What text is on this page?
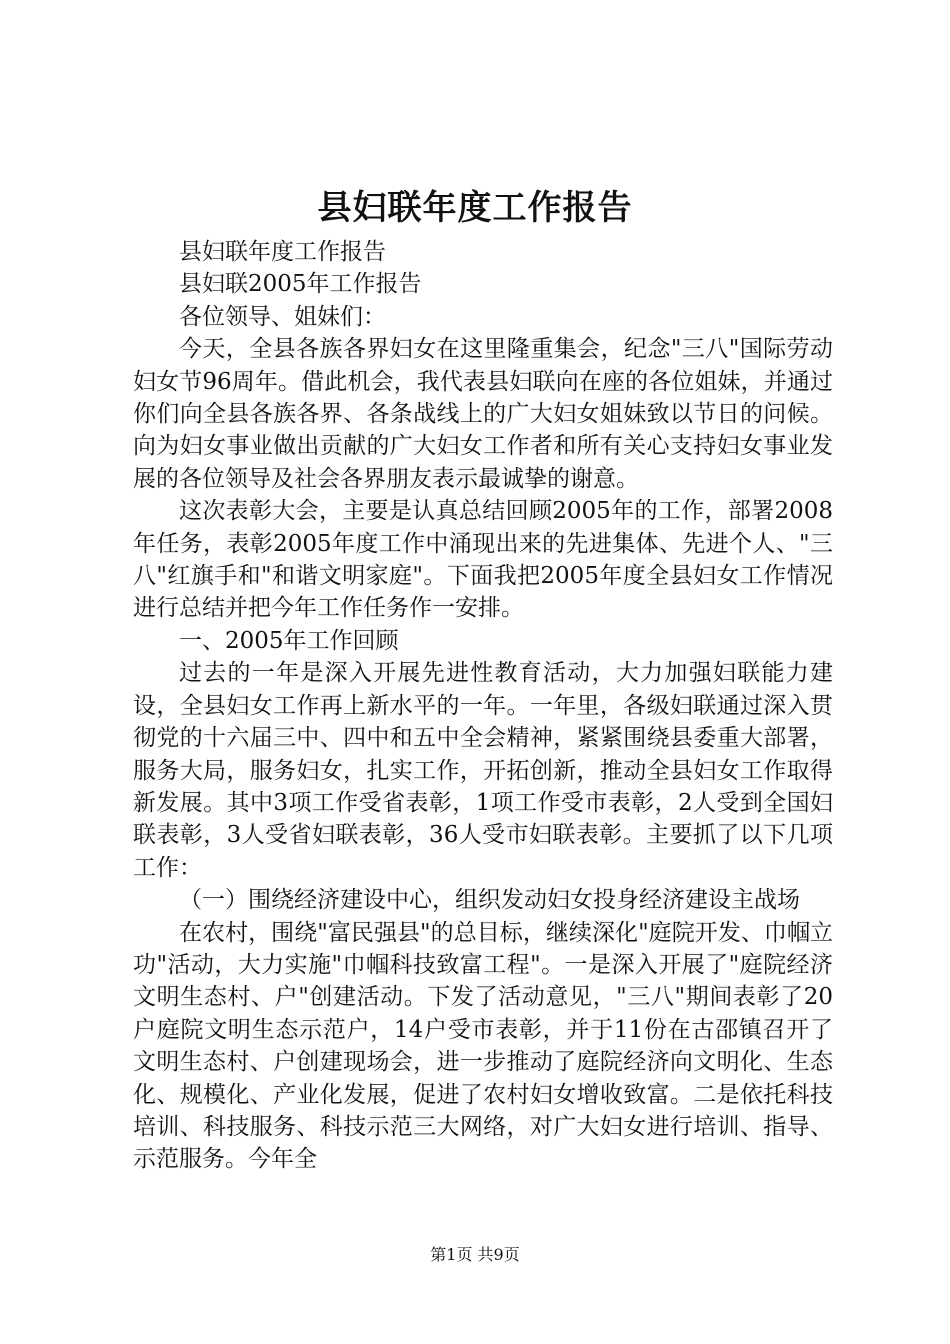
县妇联年度工作报告

县妇联年度工作报告

县妇联2005年工作报告

各位领导、姐妹们：

今天，全县各族各界妇女在这里隆重集会，纪念"三八"国际劳动妇女节96周年。借此机会，我代表县妇联向在座的各位姐妹，并通过你们向全县各族各界、各条战线上的广大妇女姐妹致以节日的问候。向为妇女事业做出贡献的广大妇女工作者和所有关心支持妇女事业发展的各位领导及社会各界朋友表示最诚挚的谢意。

这次表彰大会，主要是认真总结回顾2005年的工作，部署2008年任务，表彰2005年度工作中涌现出来的先进集体、先进个人、"三八"红旗手和"和谐文明家庭"。下面我把2005年度全县妇女工作情况进行总结并把今年工作任务作一安排。

一、2005年工作回顾

过去的一年是深入开展先进性教育活动，大力加强妇联能力建设，全县妇女工作再上新水平的一年。一年里，各级妇联通过深入贯彻党的十六届三中、四中和五中全会精神，紧紧围绕县委重大部署，服务大局，服务妇女，扎实工作，开拓创新，推动全县妇女工作取得新发展。其中3项工作受省表彰，1项工作受市表彰，2人受到全国妇联表彰，3人受省妇联表彰，36人受市妇联表彰。主要抓了以下几项工作：

（一）围绕经济建设中心，组织发动妇女投身经济建设主战场

在农村，围绕"富民强县"的总目标，继续深化"庭院开发、巾帼立功"活动，大力实施"巾帼科技致富工程"。一是深入开展了"庭院经济文明生态村、户"创建活动。下发了活动意见，"三八"期间表彰了20户庭院文明生态示范户，14户受市表彰，并于11份在古邵镇召开了文明生态村、户创建现场会，进一步推动了庭院经济向文明化、生态化、规模化、产业化发展，促进了农村妇女增收致富。二是依托科技培训、科技服务、科技示范三大网络，对广大妇女进行培训、指导、示范服务。今年全

第1页 共9页
